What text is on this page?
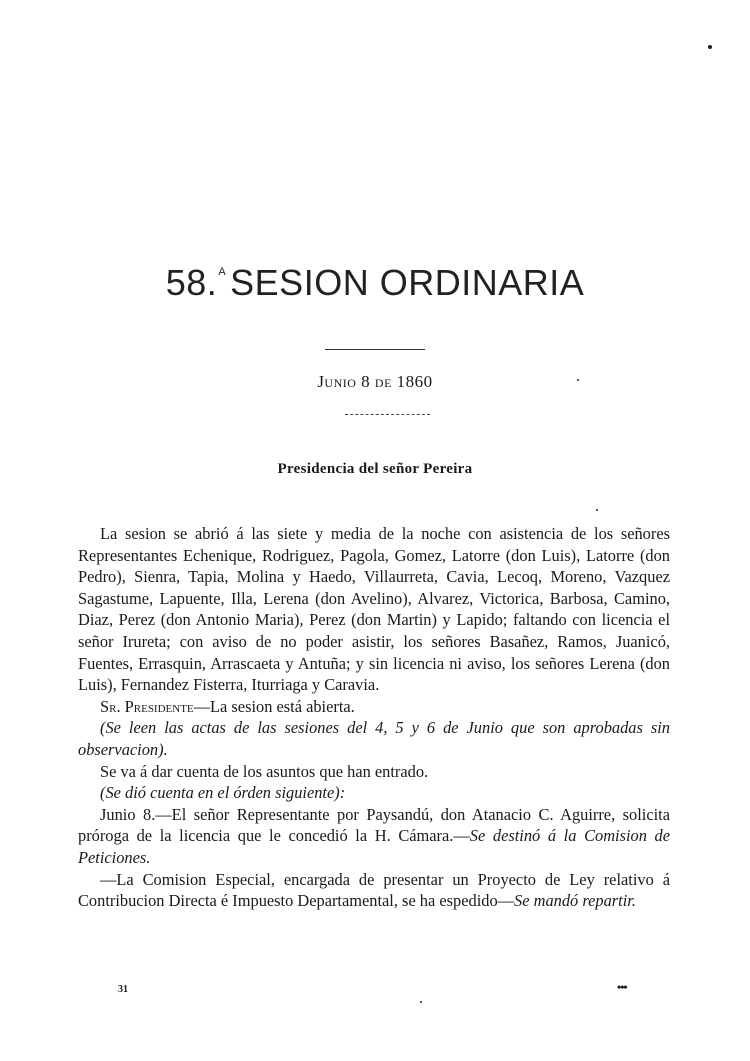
58.$^A$ SESION ORDINARIA
Junio 8 de 1860
Presidencia del señor Pereira

La sesion se abrió á las siete y media de la noche con asistencia de los señores Representantes Echenique, Rodriguez, Pagola, Gomez, Latorre (don Luis), Latorre (don Pedro), Sienra, Tapia, Molina y Haedo, Villaurreta, Cavia, Lecoq, Moreno, Vazquez Sagastume, Lapuente, Illa, Lerena (don Avelino), Alvarez, Victorica, Barbosa, Camino, Diaz, Perez (don Antonio Maria), Perez (don Martin) y Lapido; faltando con licencia el señor Irureta; con aviso de no poder asistir, los señores Basañez, Ramos, Juanicó, Fuentes, Errasquin, Arrascaeta y Antuña; y sin licencia ni aviso, los señores Lerena (don Luis), Fernandez Fisterra, Iturriaga y Caravia.

Sr. Presidente—La sesion está abierta.

(Se leen las actas de las sesiones del 4, 5 y 6 de Junio que son aprobadas sin observacion).

Se va á dar cuenta de los asuntos que han entrado.

(Se dió cuenta en el órden siguiente):

Junio 8.—El señor Representante por Paysandú, don Atanacio C. Aguirre, solicita próroga de la licencia que le concedió la H. Cámara.—Se destinó á la Comision de Peticiones.

—La Comision Especial, encargada de presentar un Proyecto de Ley relativo á Contribucion Directa é Impuesto Departamental, se ha espedido—Se mandó repartir.

31	•••
